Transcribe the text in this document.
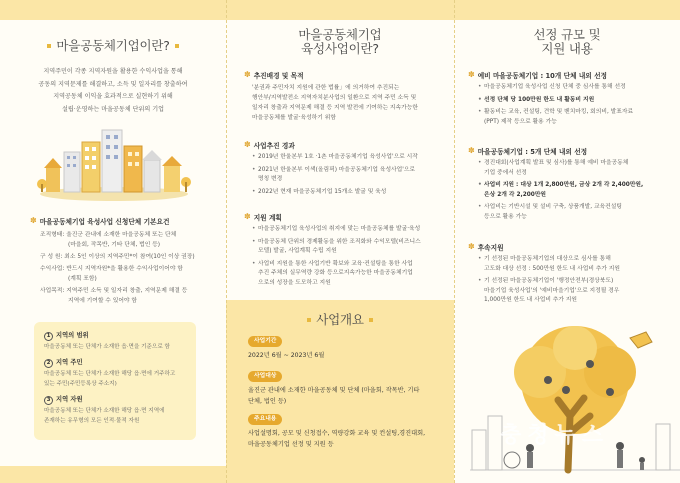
마을공동체기업이란?
지역주민이 각종 지역자원을 활용한 수익사업을 통해
공동의 지역문제를 해결하고, 소득 및 일자리를 창출하여
지역공동체 이익을 효과적으로 실현하기 위해
설립·운영하는 마을공동체 단위의 기업
✽ 마을공동체기업 육성사업 신청단체 기본요건
조직형태: 울진군 관내에 소재한 마을공동체 또는 단체
(마을회, 작목반, 기타 단체, 법인 등)
구 성 원: 최소 5인 이상의 지역주민*이 참여(10인 이상 권장)
수익사업: 반드시 지역자원*을 활용한 수익사업이어야 함
(계획 포함)
사업목적: 지역주민 소득 및 일자리 창출, 지역문제 해결 등
지역에 기여할 수 있어야 함
1 지역의 범위
마을공동체 또는 단체가 소재한 읍·면을 기준으로 함
2 지역 주민
마을공동체 또는 단체가 소재한 해당 읍·면에 거주하고
있는 주민(주민등록상 주소지)
3 지역 자원
마을공동체 또는 단체가 소재한 해당 읍·면 지역에
존재하는 유무형의 모든 인적·물적 자원
마을공동체기업
육성사업이란?
✽ 추진배경 및 목적
'분권과 주민자치 지원에 관한 법률」에 의거하여 추진되는
행안부/지역발전소 지역자치분사업의 일환으로 지역 주민 소득 및
일자리 창출과 지역문제 해결 등 지역 발전에 기여하는 지속가능한
마을공동체를 발굴·육성하기 위함
✽ 사업추진 경과
• 2019년 한울본부 1호 ·1촌 마을공동체기업 육성사업'으로 시작
• 2021년 한울본부 이색(올림픽) 마을공동체기업 육성사업'으로
명칭 변경
• 2022년 현재 마을공동체기업 15개소 발굴 및 육성
✽ 지원 계획
• 마을공동체기업 육성사업의 취지에 맞는 마을공동체를 발굴·육성
• 마을공동체 단위의 경제활동을 위한 조직화와 수익모델(비즈니스
모델) 발굴, 사업계획 수립 지원
• 사업비 지원을 통한 사업기반 확보와 교육·컨설팅을 통한 사업
추진 주체의 실무역량 강화 등으로지속가능한 마을공동체기업
으로의 성장을 도모하고 지원
사업개요
사업기간
2022년 6월 ~ 2023년 6월
사업대상
울진군 관내에 소재한 마을공동체 및 단체 (마을회, 작목반, 기타
단체, 법인 등)
주요내용
사업설명회, 공모 및 신청접수, 역량강화 교육 및 컨설팅,경진대회,
마을공동체기업 선정 및 지원 등
선정 규모 및
지원 내용
✽ 예비 마을공동체기업 : 10개 단체 내외 선정
• 마을공동체기업 육성사업 신청 단체 중 심사를 통해 선정
• 선정 단체 당 100만원 한도 내 활동비 지원
• 활동비는 교육, 컨설팅, 견학 및 벤치마킹, 회의비, 발표자료
(PPT) 제작 등으로 활용 가능
✽ 마을공동체기업 : 5개 단체 내외 선정
• 경진대회(사업계획 발표 및 심사)를 통해 예비 마을공동체
기업 중에서 선정
• 사업비 지원 : 대상 1개 2,800만원, 금상 2개 각 2,400만원,
은상 2개 각 2,200만원
• 사업비는 기반시설 및 설비 구축, 상품개발, 교육컨설팅
등으로 활용 가능
✽ 후속지원
• 기 선정된 마을공동체기업의 대상으로 심사를 통해
고도화 대상 선정 : 500만원 한도 내 사업비 추가 지원
• 기 선정된 마을공동체기업이 '행정안전부(경상북도)
마을기업 육성사업'의 '예비마을기업'으로 지정될 경우
1,000만원 한도 내 사업비 추가 지원
충청뉴스
